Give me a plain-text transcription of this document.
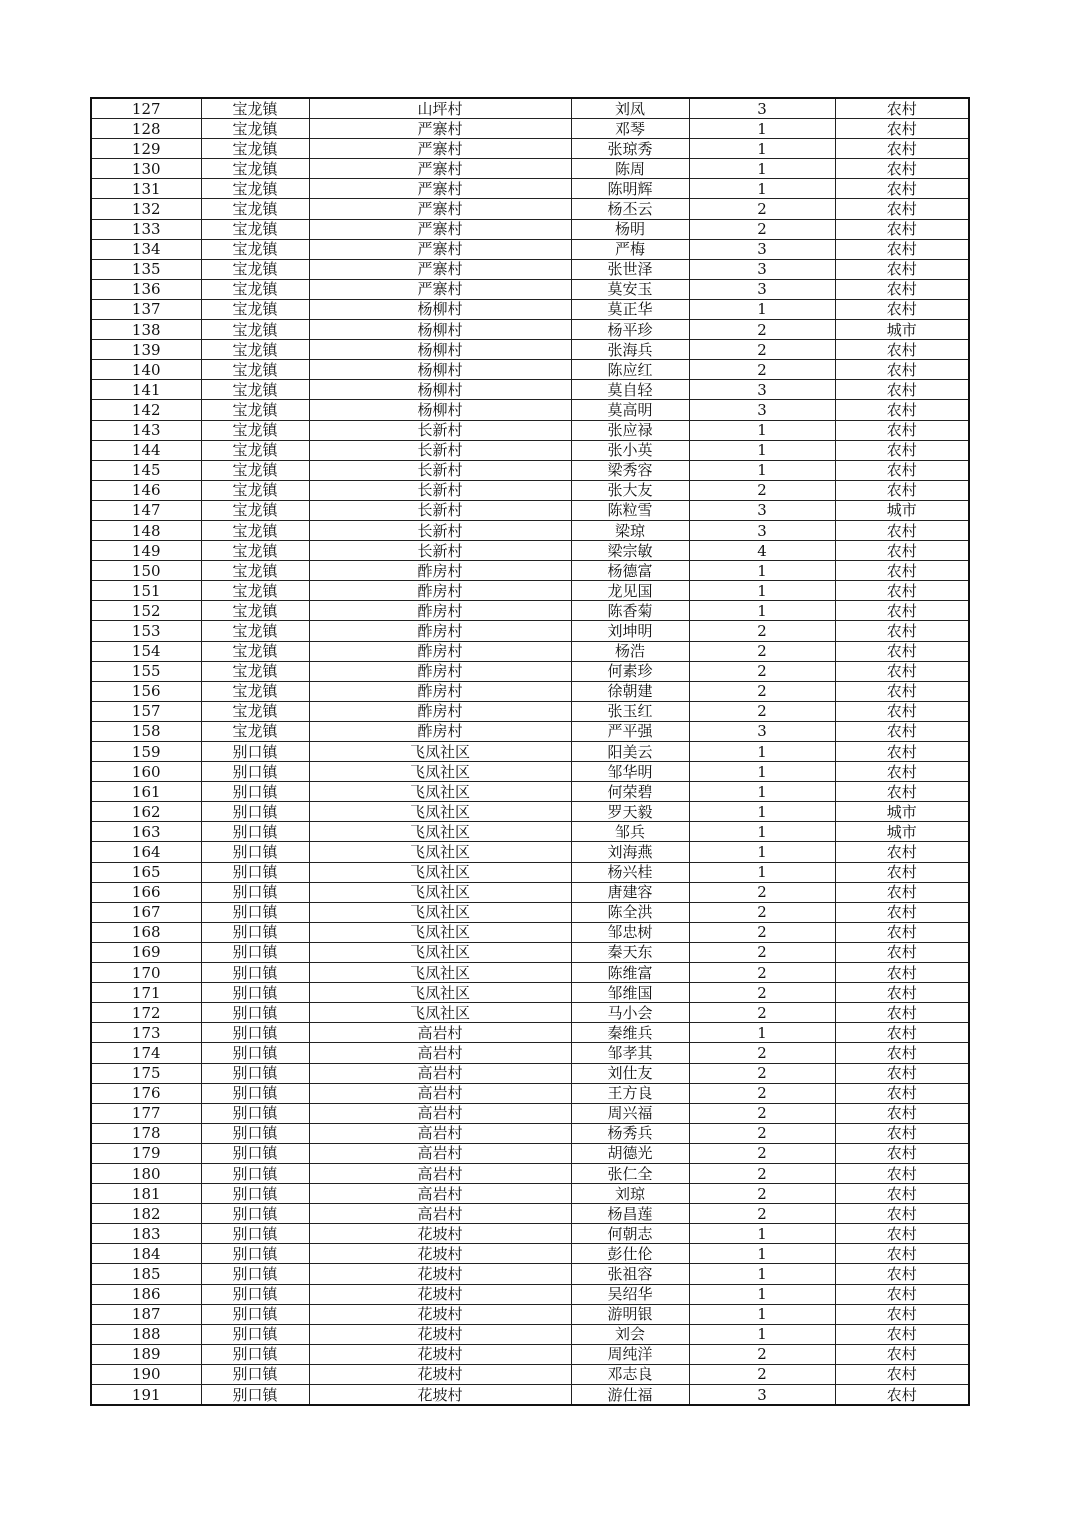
127	宝龙镇	山坪村	刘凤	3	农村
128	宝龙镇	严寨村	邓琴	1	农村
129	宝龙镇	严寨村	张琼秀	1	农村
130	宝龙镇	严寨村	陈周	1	农村
131	宝龙镇	严寨村	陈明辉	1	农村
132	宝龙镇	严寨村	杨丕云	2	农村
133	宝龙镇	严寨村	杨明	2	农村
134	宝龙镇	严寨村	严梅	3	农村
135	宝龙镇	严寨村	张世泽	3	农村
136	宝龙镇	严寨村	莫安玉	3	农村
137	宝龙镇	杨柳村	莫正华	1	农村
138	宝龙镇	杨柳村	杨平珍	2	城市
139	宝龙镇	杨柳村	张海兵	2	农村
140	宝龙镇	杨柳村	陈应红	2	农村
141	宝龙镇	杨柳村	莫自轻	3	农村
142	宝龙镇	杨柳村	莫高明	3	农村
143	宝龙镇	长新村	张应禄	1	农村
144	宝龙镇	长新村	张小英	1	农村
145	宝龙镇	长新村	梁秀容	1	农村
146	宝龙镇	长新村	张大友	2	农村
147	宝龙镇	长新村	陈粒雪	3	城市
148	宝龙镇	长新村	梁琼	3	农村
149	宝龙镇	长新村	梁宗敏	4	农村
150	宝龙镇	酢房村	杨德富	1	农村
151	宝龙镇	酢房村	龙见国	1	农村
152	宝龙镇	酢房村	陈香菊	1	农村
153	宝龙镇	酢房村	刘坤明	2	农村
154	宝龙镇	酢房村	杨浩	2	农村
155	宝龙镇	酢房村	何素珍	2	农村
156	宝龙镇	酢房村	徐朝建	2	农村
157	宝龙镇	酢房村	张玉红	2	农村
158	宝龙镇	酢房村	严平强	3	农村
159	别口镇	飞凤社区	阳美云	1	农村
160	别口镇	飞凤社区	邹华明	1	农村
161	别口镇	飞凤社区	何荣碧	1	农村
162	别口镇	飞凤社区	罗天毅	1	城市
163	别口镇	飞凤社区	邹兵	1	城市
164	别口镇	飞凤社区	刘海燕	1	农村
165	别口镇	飞凤社区	杨兴桂	1	农村
166	别口镇	飞凤社区	唐建容	2	农村
167	别口镇	飞凤社区	陈全洪	2	农村
168	别口镇	飞凤社区	邹忠树	2	农村
169	别口镇	飞凤社区	秦天东	2	农村
170	别口镇	飞凤社区	陈维富	2	农村
171	别口镇	飞凤社区	邹维国	2	农村
172	别口镇	飞凤社区	马小会	2	农村
173	别口镇	高岩村	秦维兵	1	农村
174	别口镇	高岩村	邹孝其	2	农村
175	别口镇	高岩村	刘仕友	2	农村
176	别口镇	高岩村	王方良	2	农村
177	别口镇	高岩村	周兴福	2	农村
178	别口镇	高岩村	杨秀兵	2	农村
179	别口镇	高岩村	胡德光	2	农村
180	别口镇	高岩村	张仁全	2	农村
181	别口镇	高岩村	刘琼	2	农村
182	别口镇	高岩村	杨昌莲	2	农村
183	别口镇	花坡村	何朝志	1	农村
184	别口镇	花坡村	彭仕伦	1	农村
185	别口镇	花坡村	张祖容	1	农村
186	别口镇	花坡村	吴绍华	1	农村
187	别口镇	花坡村	游明银	1	农村
188	别口镇	花坡村	刘会	1	农村
189	别口镇	花坡村	周纯洋	2	农村
190	别口镇	花坡村	邓志良	2	农村
191	别口镇	花坡村	游仕福	3	农村
